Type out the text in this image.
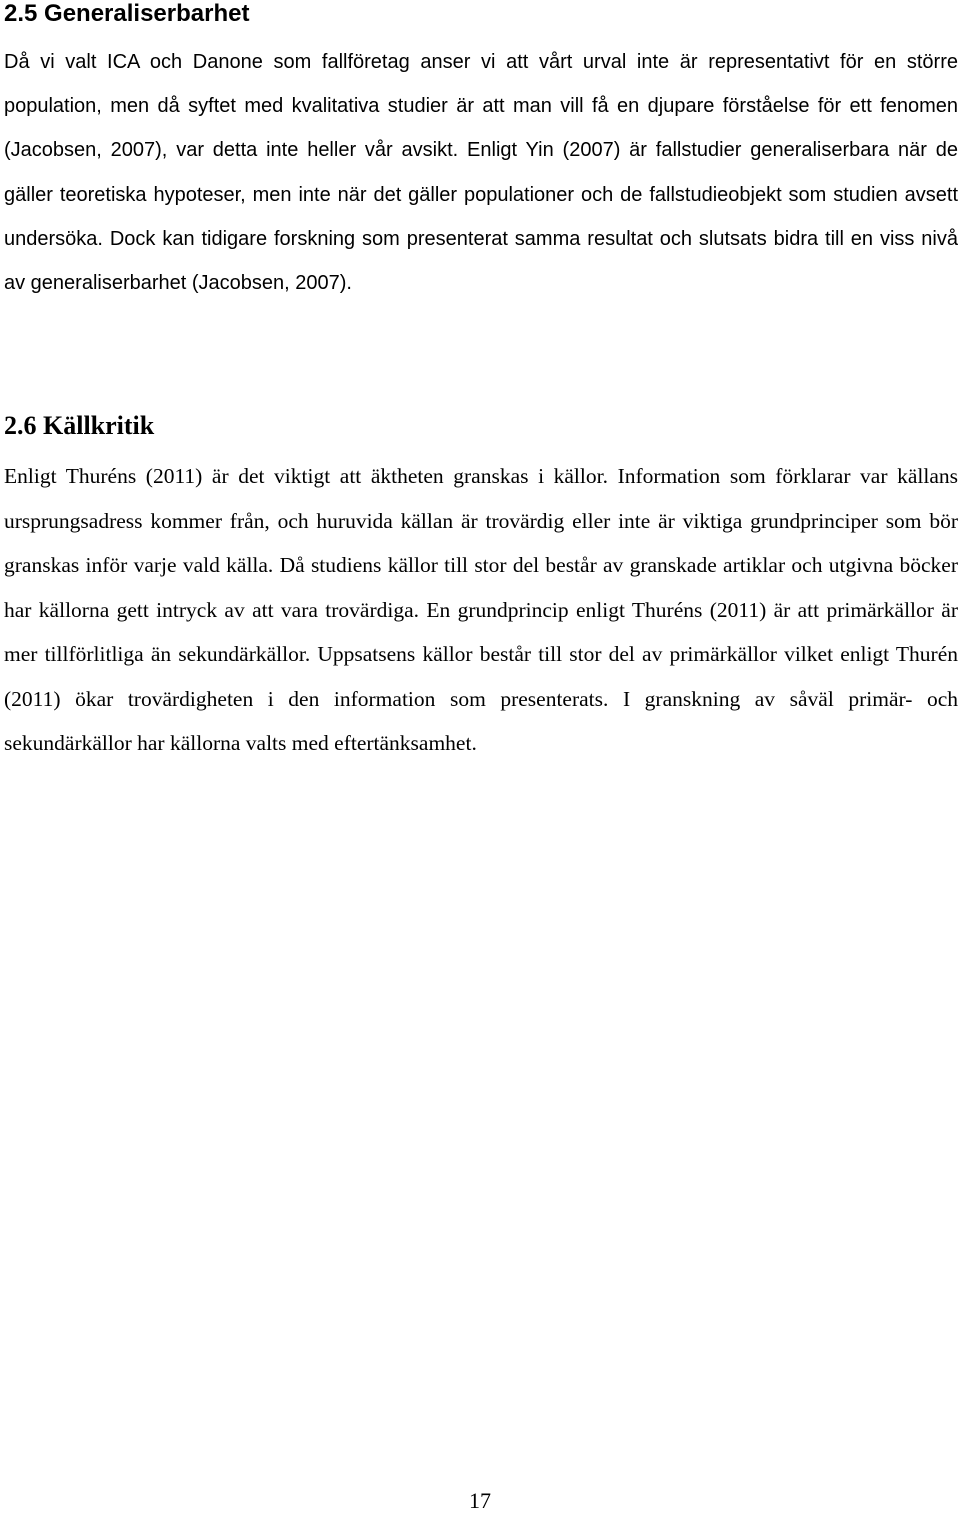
2.5 Generaliserbarhet

Då vi valt ICA och Danone som fallföretag anser vi att vårt urval inte är representativt för en större population, men då syftet med kvalitativa studier är att man vill få en djupare förståelse för ett fenomen (Jacobsen, 2007), var detta inte heller vår avsikt. Enligt Yin (2007) är fallstudier generaliserbara när de gäller teoretiska hypoteser, men inte när det gäller populationer och de fallstudieobjekt som studien avsett undersöka. Dock kan tidigare forskning som presenterat samma resultat och slutsats bidra till en viss nivå av generaliserbarhet (Jacobsen, 2007).

2.6 Källkritik

Enligt Thuréns (2011) är det viktigt att äktheten granskas i källor. Information som förklarar var källans ursprungsadress kommer från, och huruvida källan är trovärdig eller inte är viktiga grundprinciper som bör granskas inför varje vald källa. Då studiens källor till stor del består av granskade artiklar och utgivna böcker har källorna gett intryck av att vara trovärdiga. En grundprincip enligt Thuréns (2011) är att primärkällor är mer tillförlitliga än sekundärkällor. Uppsatsens källor består till stor del av primärkällor vilket enligt Thurén (2011) ökar trovärdigheten i den information som presenterats. I granskning av såväl primär- och sekundärkällor har källorna valts med eftertänksamhet.

17
